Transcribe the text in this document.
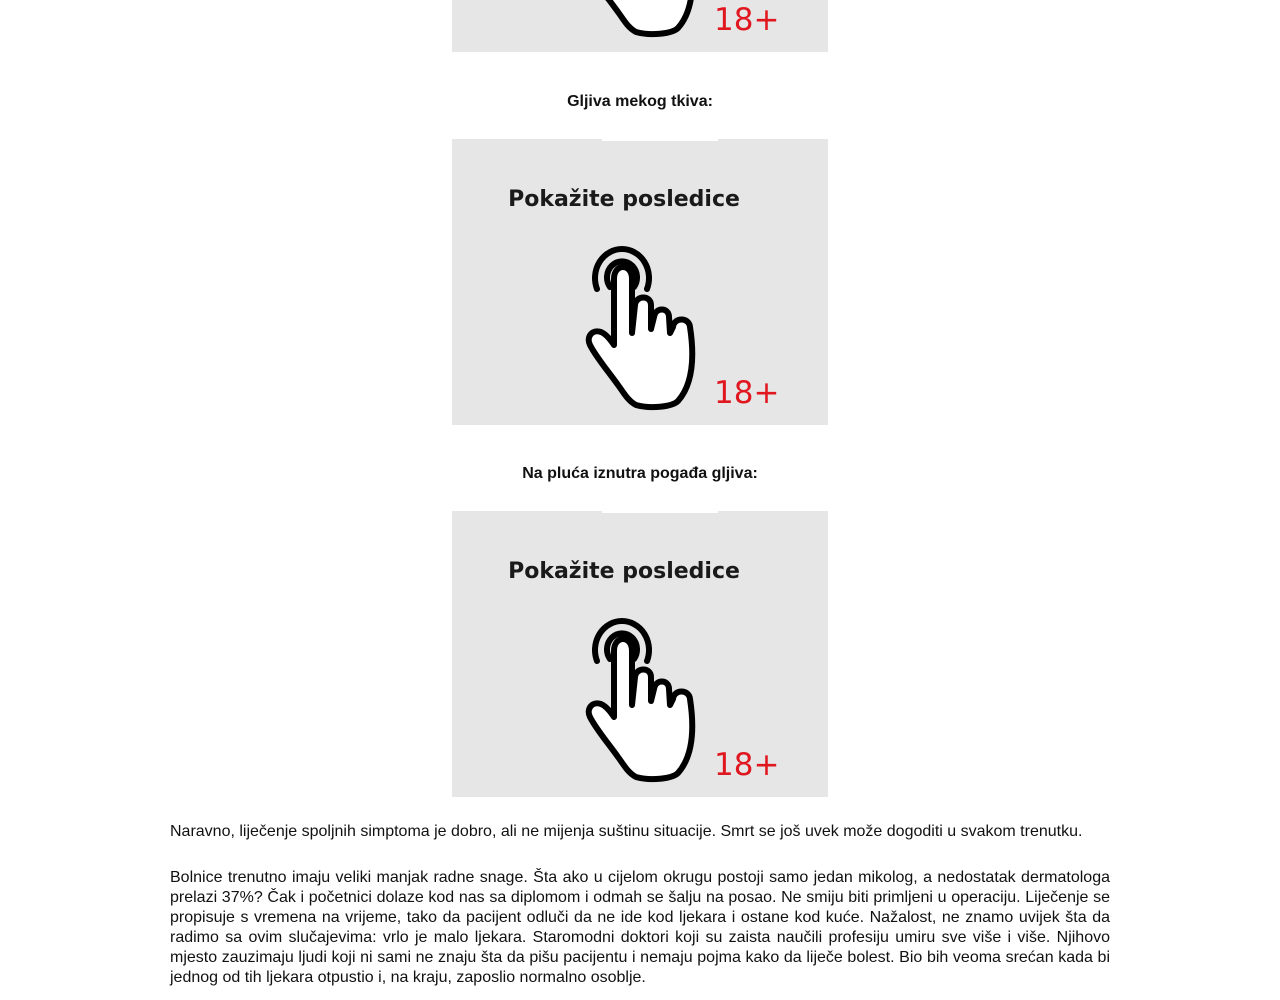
18+
Gljiva mekog tkiva:
Pokažite posledice
18+
Na pluća iznutra pogađa gljiva:
Pokažite posledice
18+

Naravno, liječenje spoljnih simptoma je dobro, ali ne mijenja suštinu situacije. Smrt se još uvek može dogoditi u svakom trenutku.

Bolnice trenutno imaju veliki manjak radne snage. Šta ako u cijelom okrugu postoji samo jedan mikolog, a nedostatak dermatologa prelazi 37%? Čak i početnici dolaze kod nas sa diplomom i odmah se šalju na posao. Ne smiju biti primljeni u operaciju. Liječenje se propisuje s vremena na vrijeme, tako da pacijent odluči da ne ide kod ljekara i ostane kod kuće. Nažalost, ne znamo uvijek šta da radimo sa ovim slučajevima: vrlo je malo ljekara. Staromodni doktori koji su zaista naučili profesiju umiru sve više i više. Njihovo mjesto zauzimaju ljudi koji ni sami ne znaju šta da pišu pacijentu i nemaju pojma kako da liječe bolest. Bio bih veoma srećan kada bi jednog od tih ljekara otpustio i, na kraju, zaposlio normalno osoblje.
